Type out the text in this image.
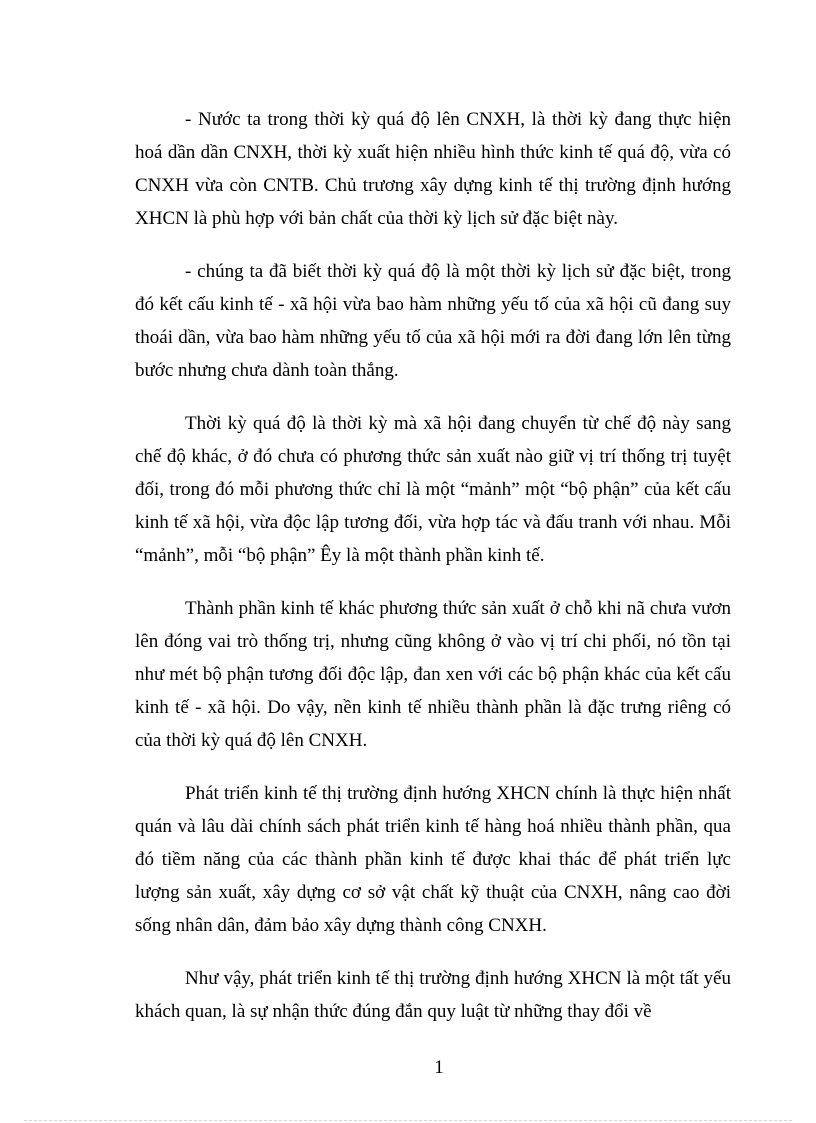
- Nước ta trong thời kỳ quá độ lên CNXH, là thời kỳ đang thực hiện hoá dần dần CNXH, thời kỳ xuất hiện nhiều hình thức kinh tế quá độ, vừa có CNXH vừa còn CNTB. Chủ trương xây dựng kinh tế thị trường định hướng XHCN là phù hợp với bản chất của thời kỳ lịch sử đặc biệt này.

- chúng ta đã biết thời kỳ quá độ là một thời kỳ lịch sử đặc biệt, trong đó kết cấu kinh tế - xã hội vừa bao hàm những yếu tố của xã hội cũ đang suy thoái dần, vừa bao hàm những yếu tố của xã hội mới ra đời đang lớn lên từng bước nhưng chưa dành toàn thắng.

Thời kỳ quá độ là thời kỳ mà xã hội đang chuyển từ chế độ này sang chế độ khác, ở đó chưa có phương thức sản xuất nào giữ vị trí thống trị tuyệt đối, trong đó mỗi phương thức chỉ là một “mảnh” một “bộ phận” của kết cấu kinh tế xã hội, vừa độc lập tương đối, vừa hợp tác và đấu tranh với nhau. Mỗi “mảnh”, mỗi “bộ phận” Êy là một thành phần kinh tế.

Thành phần kinh tế khác phương thức sản xuất ở chỗ khi nã chưa vươn lên đóng vai trò thống trị, nhưng cũng không ở vào vị trí chi phối, nó tồn tại như mét bộ phận tương đối độc lập, đan xen với các bộ phận khác của kết cấu kinh tế - xã hội. Do vậy, nền kinh tế nhiều thành phần là đặc trưng riêng có của thời kỳ quá độ lên CNXH.

Phát triển kinh tế thị trường định hướng XHCN chính là thực hiện nhất quán và lâu dài chính sách phát triển kinh tế hàng hoá nhiều thành phần, qua đó tiềm năng của các thành phần kinh tế được khai thác để phát triển lực lượng sản xuất, xây dựng cơ sở vật chất kỹ thuật của CNXH, nâng cao đời sống nhân dân, đảm bảo xây dựng thành công CNXH.

Như vậy, phát triển kinh tế thị trường định hướng XHCN là một tất yếu khách quan, là sự nhận thức đúng đắn quy luật từ những thay đổi về

1
